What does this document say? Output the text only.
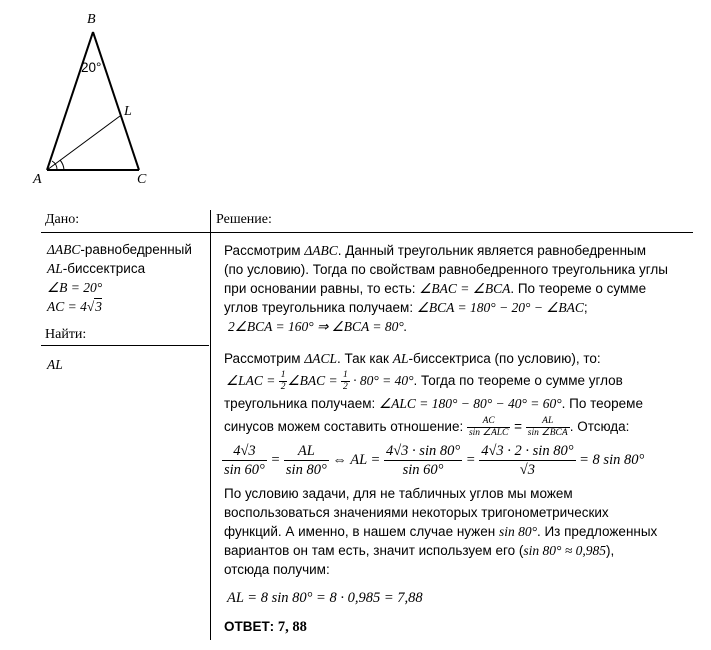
B
A	C
L
20°
Дано:
ΔABC-равнобедренный
AL-биссектриса
∠B = 20°
AC = 4√3
Найти:
AL
Решение:
Рассмотрим ΔABC. Данный треугольник является равнобедренным
(по условию). Тогда по свойствам равнобедренного треугольника углы
при основании равны, то есть: ∠BAC = ∠BCA. По теореме о сумме
углов треугольника получаем: ∠BCA = 180° − 20° − ∠BAC;
2∠BCA = 160° ⇒ ∠BCA = 80°.
Рассмотрим ΔACL. Так как AL-биссектриса (по условию), то:
∠LAC = $\frac{1}{2}$ ∠BAC = $\frac{1}{2} \cdot 80^\circ = 40^\circ$. Тогда по теореме о сумме углов
треугольника получаем: ∠ALC = 180° − 80° − 40° = 60°. По теореме
синусов можем составить отношение: $\frac{AC}{\text{sin ∠ALC}} = \frac{AL}{\text{sin ∠BCA}}$ . Отсюда:
$\frac{4√3}{\sin 60^\circ} = \frac{AL}{\sin 80^\circ}$ ⇔ AL = $\frac{4√3 \cdot \sin 80^\circ}{\sin 60^\circ} = \frac{4√3 \cdot 2 \cdot \sin 80^\circ}{√3} = 8$ sin 80°
По условию задачи, для не табличных углов мы можем
воспользоваться значениями некоторых тригонометрических
функций. А именно, в нашем случае нужен sin 80°. Из предложенных
вариантов он там есть, значит используем его (sin 80° ≈ 0,985),
отсюда получим:
AL = 8 sin 80° = 8 · 0,985 = 7,88
ОТВЕТ: 7, 88
